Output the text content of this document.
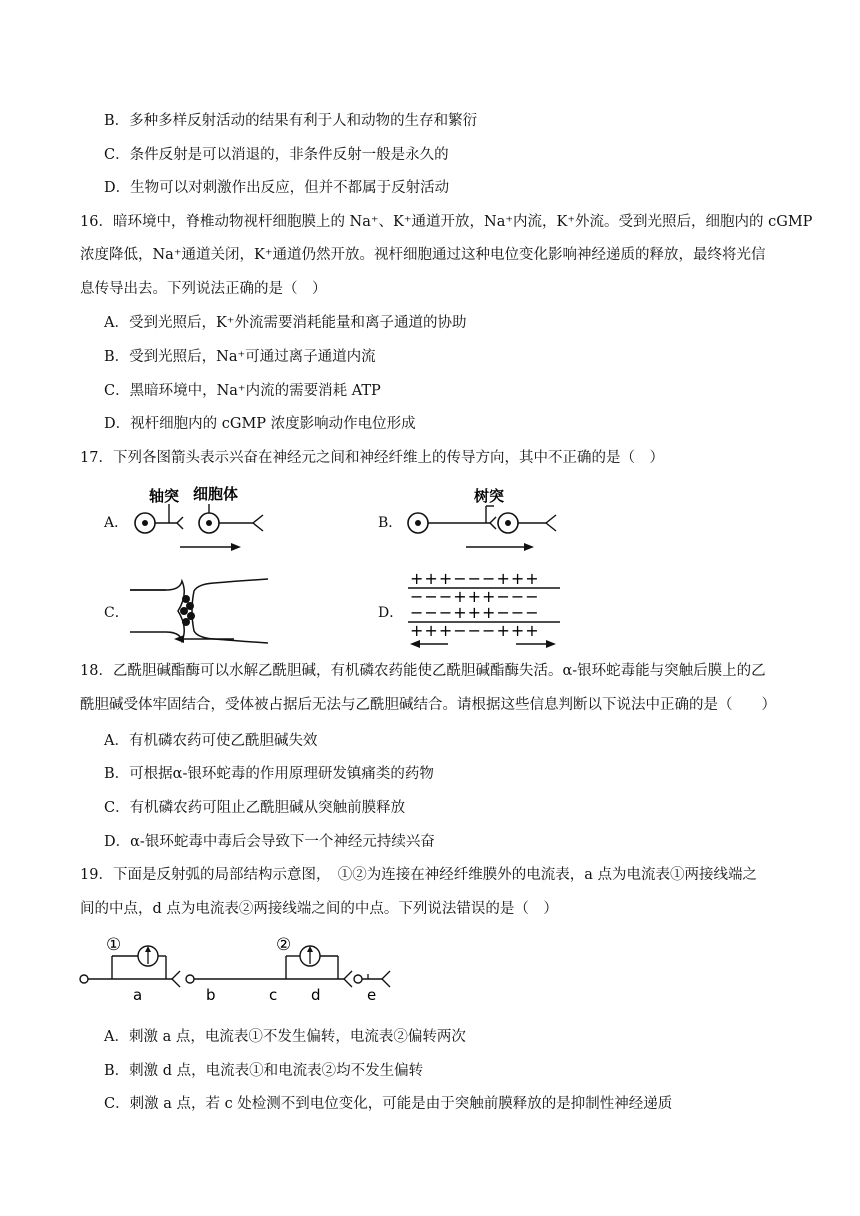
B．多种多样反射活动的结果有利于人和动物的生存和繁衍
C．条件反射是可以消退的，非条件反射一般是永久的
D．生物可以对刺激作出反应，但并不都属于反射活动
16．暗环境中，脊椎动物视杆细胞膜上的 Na⁺、K⁺通道开放，Na⁺内流，K⁺外流。受到光照后，细胞内的 cGMP
浓度降低，Na⁺通道关闭，K⁺通道仍然开放。视杆细胞通过这种电位变化影响神经递质的释放，最终将光信
息传导出去。下列说法正确的是（　）
A．受到光照后，K⁺外流需要消耗能量和离子通道的协助
B．受到光照后，Na⁺可通过离子通道内流
C．黑暗环境中，Na⁺内流的需要消耗 ATP
D．视杆细胞内的 cGMP 浓度影响动作电位形成
17．下列各图箭头表示兴奋在神经元之间和神经纤维上的传导方向，其中不正确的是（　）
A．	B．
C．	D．
轴突 细胞体	树突
+++−−−+++
−−−+++−−−
−−−+++−−−
+++−−−+++
18．乙酰胆碱酯酶可以水解乙酰胆碱，有机磷农药能使乙酰胆碱酯酶失活。α-银环蛇毒能与突触后膜上的乙
酰胆碱受体牢固结合，受体被占据后无法与乙酰胆碱结合。请根据这些信息判断以下说法中正确的是（　　）
A．有机磷农药可使乙酰胆碱失效
B．可根据α-银环蛇毒的作用原理研发镇痛类的药物
C．有机磷农药可阻止乙酰胆碱从突触前膜释放
D．α-银环蛇毒中毒后会导致下一个神经元持续兴奋
19．下面是反射弧的局部结构示意图，　①②为连接在神经纤维膜外的电流表，a 点为电流表①两接线端之
间的中点，d 点为电流表②两接线端之间的中点。下列说法错误的是（　）
①	②
a	b	c d	e
A．刺激 a 点，电流表①不发生偏转，电流表②偏转两次
B．刺激 d 点，电流表①和电流表②均不发生偏转
C．刺激 a 点，若 c 处检测不到电位变化，可能是由于突触前膜释放的是抑制性神经递质
